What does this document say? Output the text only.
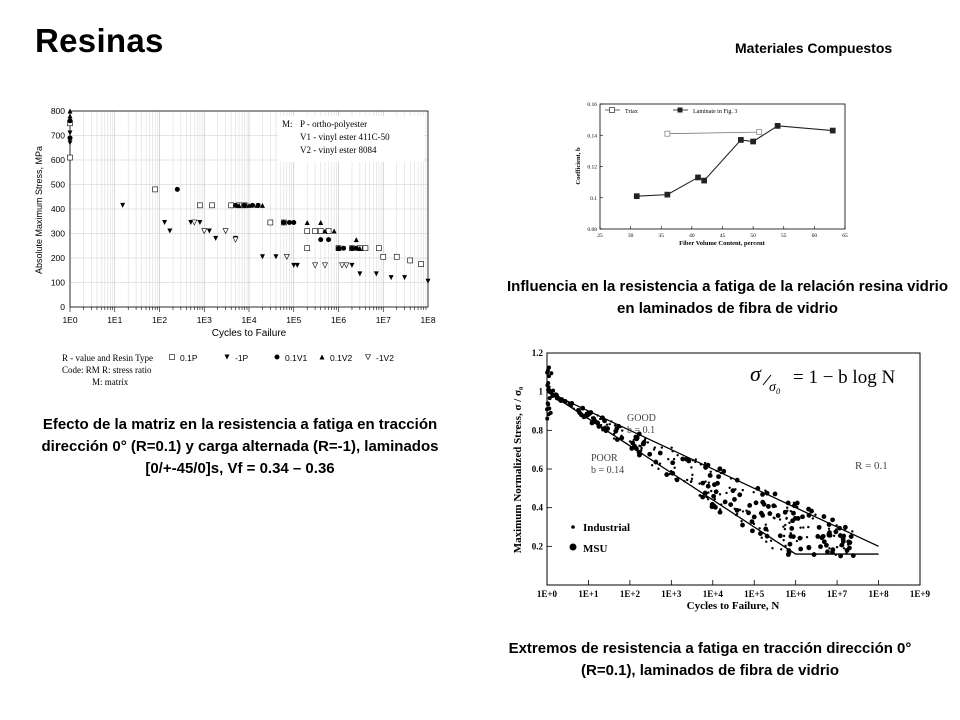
Resinas	Materiales Compuestos
0
100
200
300
400
500
600
700
800
1E0	1E1	1E2	1E3	1E4	1E5	1E6	1E7	1E8
Absolute Maximum Stress, MPa
Cycles to Failure
M: P - ortho-polyester
V1 - vinyl ester 411C-50
V2 - vinyl ester 8084
R - value and Resin Type	0.1P	-1P	0.1V1	0.1V2	-1V2
Code: RM R: stress ratio
M: matrix
Efecto de la matriz en la resistencia a fatiga en tracción dirección 0° (R=0.1) y carga alternada (R=-1), laminados [0/+-45/0]s, Vf = 0.34 – 0.36
25	30	35	40	45	50	55	60	65
0.08
0.1
0.12
0.14
0.16
Triax	Laminate in Fig. 3
Coefficient, b
Fiber Volume Content, percent
Influencia en la resistencia a fatiga de la relación resina vidrio en laminados de fibra de vidrio
1E+0 1E+1 1E+2 1E+3 1E+4 1E+5 1E+6 1E+7 1E+8 1E+9
0.2
0.4
0.6
0.8
1
1.2
σ
σ₀ = 1 − b log N
GOOD
b = 0.1
POOR
b = 0.14	R = 0.1
Industrial
MSU
Maximum Normalized Stress, σ / σ₀
Cycles to Failure, N
Extremos de resistencia a fatiga en tracción dirección 0° (R=0.1), laminados de fibra de vidrio
